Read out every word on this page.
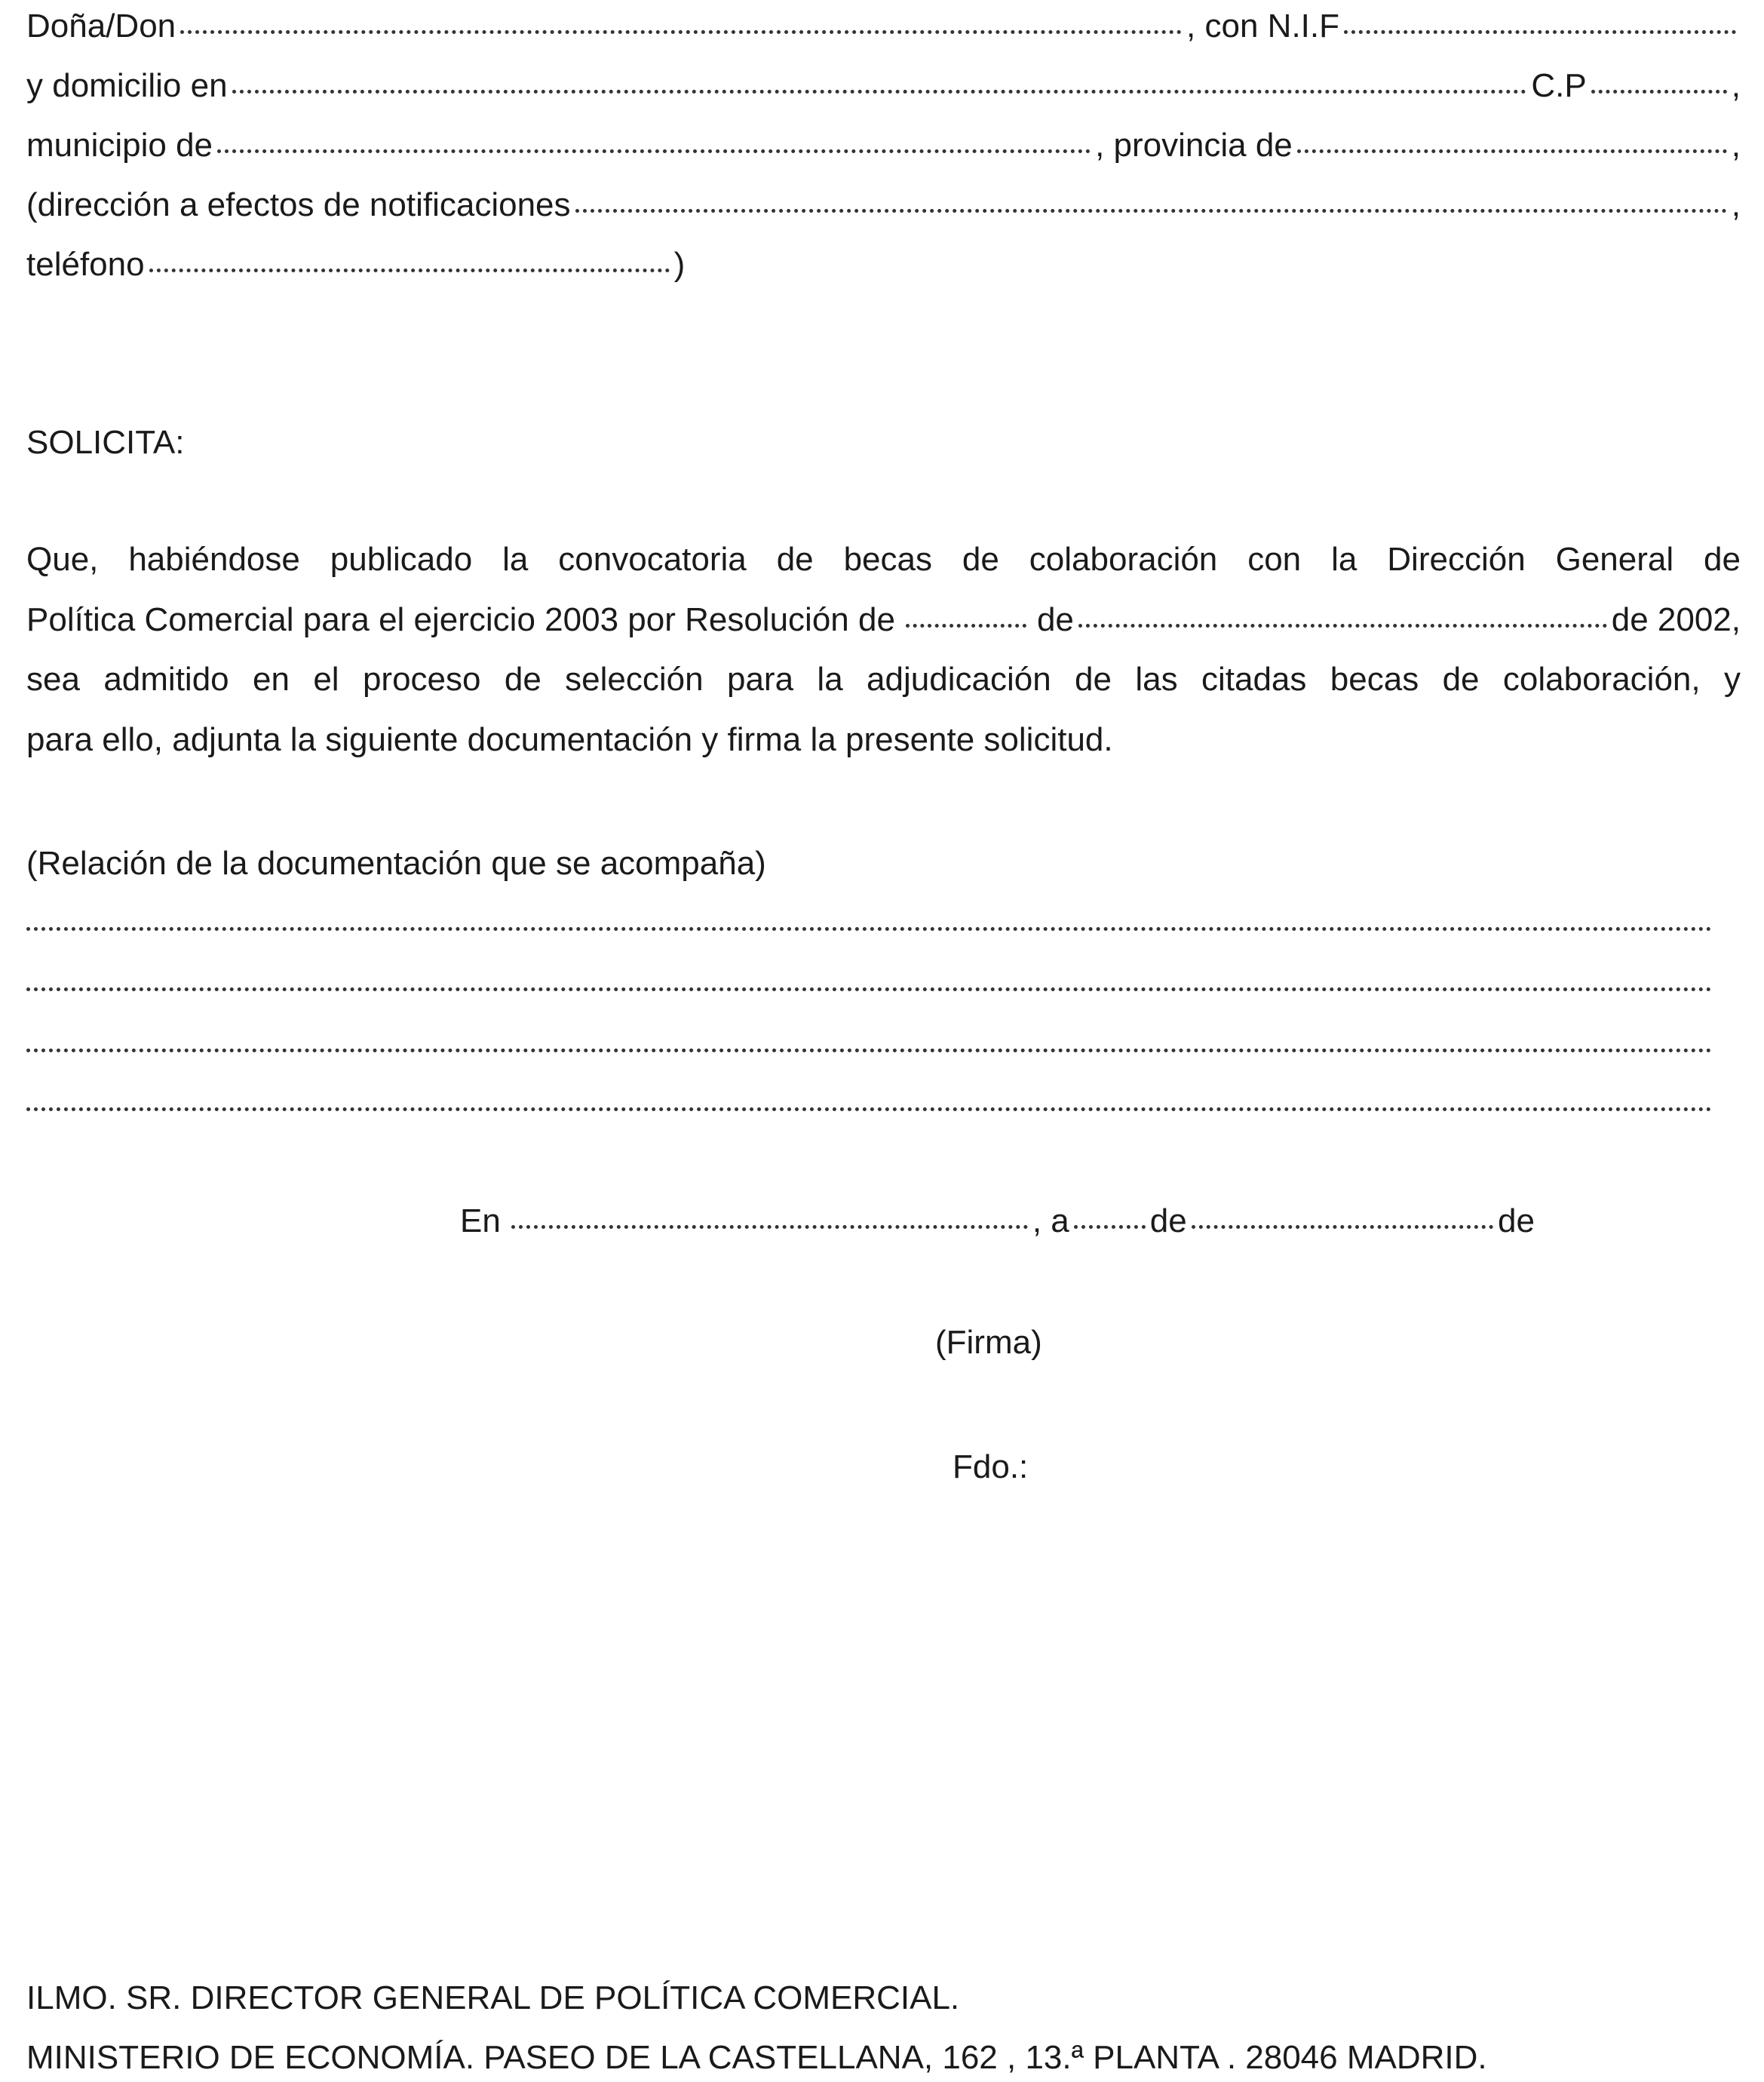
Doña/Don	, con N.I.F
y domicilio en	C.P	,
municipio de	, provincia de	,
(dirección a efectos de notificaciones	,
teléfono	)
SOLICITA:
Que, habiéndose publicado la convocatoria de becas de colaboración con la Dirección General de
Política Comercial para el ejercicio 2003 por Resolución de	de	de 2002,
sea admitido en el proceso de selección para la adjudicación de las citadas becas de colaboración, y
para ello, adjunta la siguiente documentación y firma la presente solicitud.
(Relación de la documentación que se acompaña)
En	, a de	de
(Firma)
Fdo.:
ILMO. SR. DIRECTOR GENERAL DE POLÍTICA COMERCIAL.
MINISTERIO DE ECONOMÍA. PASEO DE LA CASTELLANA, 162 , 13.ª PLANTA . 28046 MADRID.
